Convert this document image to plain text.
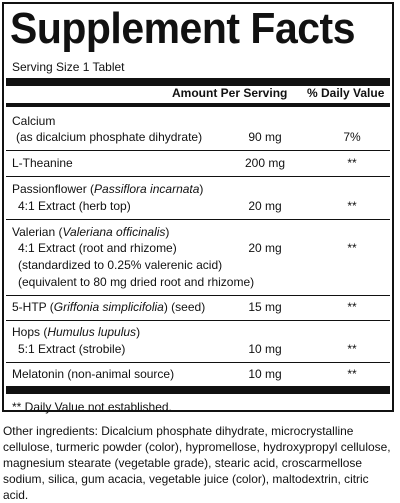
Supplement Facts
Serving Size 1 Tablet
Amount Per Serving % Daily Value
Calcium
(as dicalcium phosphate dihydrate)	90 mg	7%
L-Theanine	200 mg	**
Passionflower (Passiflora incarnata)
4:1 Extract (herb top)	20 mg	**
Valerian (Valeriana officinalis)
4:1 Extract (root and rhizome)
(standardized to 0.25% valerenic acid)
(equivalent to 80 mg dried root and rhizome)
20 mg	**
5-HTP (Griffonia simplicifolia) (seed)	15 mg	**
Hops (Humulus lupulus)
5:1 Extract (strobile)	10 mg	**
Melatonin (non-animal source)	10 mg	**
** Daily Value not established.

Other ingredients: Dicalcium phosphate dihydrate, microcrystalline cellulose, turmeric powder (color), hypromellose, hydroxypropyl cellulose, magnesium stearate (vegetable grade), stearic acid, croscarmellose sodium, silica, gum acacia, vegetable juice (color), maltodextrin, citric acid.
